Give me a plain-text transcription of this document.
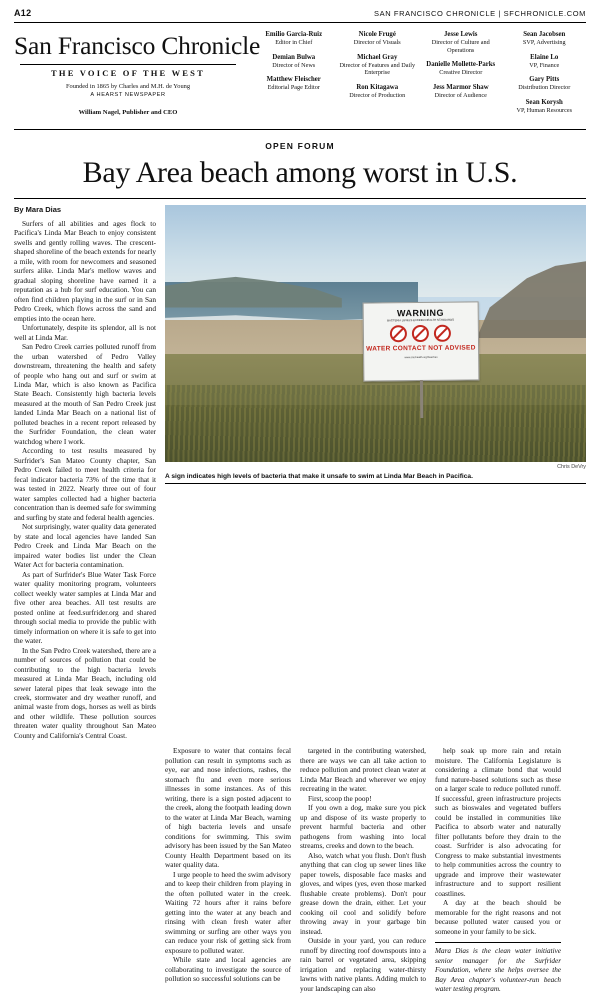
A12	SAN FRANCISCO CHRONICLE | SFCHRONICLE.COM
San Francisco Chronicle
THE VOICE OF THE WEST
Founded in 1865 by Charles and M.H. de Young
A HEARST NEWSPAPER
William Nagel, Publisher and CEO
Emilio Garcia-Ruiz
Editor in Chief
Demian Bulwa
Director of News
Matthew Fleischer
Editorial Page Editor
Nicole Frugé
Director of Visuals
Michael Gray
Director of Features and Daily Enterprise
Ron Kitagawa
Director of Production
Jesse Lewis
Director of Culture and Operations
Danielle Mollette-Parks
Creative Director
Jess Marmor Shaw
Director of Audience
Sean Jacobsen
SVP, Advertising
Elaine Lo
VP, Finance
Gary Pitts
Distribution Director
Sean Korysh
VP, Human Resources
OPEN FORUM
Bay Area beach among worst in U.S.
By Mara Dias

Surfers of all abilities and ages flock to Pacifica's Linda Mar Beach to enjoy consistent swells and gently rolling waves. The crescent-shaped shoreline of the beach extends for nearly a mile, with room for newcomers and seasoned surfers alike. Linda Mar's mellow waves and gradual sloping shoreline have earned it a reputation as a hub for surf education. You can often find children playing in the surf or in San Pedro Creek, which flows across the sand and empties into the ocean here.

Unfortunately, despite its splendor, all is not well at Linda Mar.

San Pedro Creek carries polluted runoff from the urban watershed of Pedro Valley downstream, threatening the health and safety of people who hang out and surf or swim at Linda Mar, which is also known as Pacifica State Beach. Consistently high bacteria levels measured at the mouth of San Pedro Creek just landed Linda Mar Beach on a national list of polluted beaches in a recent report released by the Surfrider Foundation, the clean water watchdog where I work.

According to test results measured by Surfrider's San Mateo County chapter, San Pedro Creek failed to meet health criteria for fecal indicator bacteria 73% of the time that it was tested in 2022. Nearly three out of four water samples collected had a higher bacteria concentration than is deemed safe for swimming and surfing by state and federal health agencies.

Not surprisingly, water quality data generated by state and local agencies have landed San Pedro Creek and Linda Mar Beach on the impaired water bodies list under the Clean Water Act for bacteria contamination.

As part of Surfrider's Blue Water Task Force water quality monitoring program, volunteers collect weekly water samples at Linda Mar and five other area beaches. All test results are posted online at feed.surfrider.org and shared through social media to provide the public with timely information on where it is safe to get into the water.

In the San Pedro Creek watershed, there are a number of sources of pollution that could be contributing to the high bacteria levels measured at Linda Mar Beach, including old sewer lateral pipes that leak sewage into the creek, stormwater and dry weather runoff, and animal waste from dogs, horses as well as birds and other wildlife. These pollution sources threaten water quality throughout San Mateo County and California's Central Coast.

WARNING
BACTERIA LEVELS EXCEED HEALTH STANDARDS
WATER CONTACT NOT ADVISED
www.smchealth.org/beaches
Chris DeVry
A sign indicates high levels of bacteria that make it unsafe to swim at Linda Mar Beach in Pacifica.

Exposure to water that contains fecal pollution can result in symptoms such as eye, ear and nose infections, rashes, the stomach flu and even more serious illnesses in some instances. As of this writing, there is a sign posted adjacent to the creek, along the footpath leading down to the water at Linda Mar Beach, warning of high bacteria levels and unsafe conditions for swimming. This swim advisory has been issued by the San Mateo County Health Department based on its water quality data.

I urge people to heed the swim advisory and to keep their children from playing in the often polluted water in the creek. Waiting 72 hours after it rains before getting into the water at any beach and rinsing with clean fresh water after swimming or surfing are other ways you can reduce your risk of getting sick from exposure to polluted water.

While state and local agencies are collaborating to investigate the source of pollution so successful solutions can be

targeted in the contributing watershed, there are ways we can all take action to reduce pollution and protect clean water at Linda Mar Beach and wherever we enjoy recreating in the water.

First, scoop the poop!

If you own a dog, make sure you pick up and dispose of its waste properly to prevent harmful bacteria and other pathogens from washing into local streams, creeks and down to the beach.

Also, watch what you flush. Don't flush anything that can clog up sewer lines like paper towels, disposable face masks and gloves, and wipes (yes, even those marked flushable create problems). Don't pour grease down the drain, either. Let your cooking oil cool and solidify before throwing away in your garbage bin instead.

Outside in your yard, you can reduce runoff by directing roof downspouts into a rain barrel or vegetated area, skipping irrigation and replacing water-thirsty lawns with native plants. Adding mulch to your landscaping can also

help soak up more rain and retain moisture. The California Legislature is considering a climate bond that would fund nature-based solutions such as these on a larger scale to reduce polluted runoff. If successful, green infrastructure projects such as bioswales and vegetated buffers could be installed in communities like Pacifica to absorb water and naturally filter pollutants before they drain to the coast. Surfrider is also advocating for Congress to make substantial investments to help communities across the country to upgrade and improve their wastewater infrastructure and to support resilient coastlines.

A day at the beach should be memorable for the right reasons and not because polluted water caused you or someone in your family to be sick.

Mara Dias is the clean water initiative senior manager for the Surfrider Foundation, where she helps oversee the Bay Area chapter's volunteer-run beach water testing program.
